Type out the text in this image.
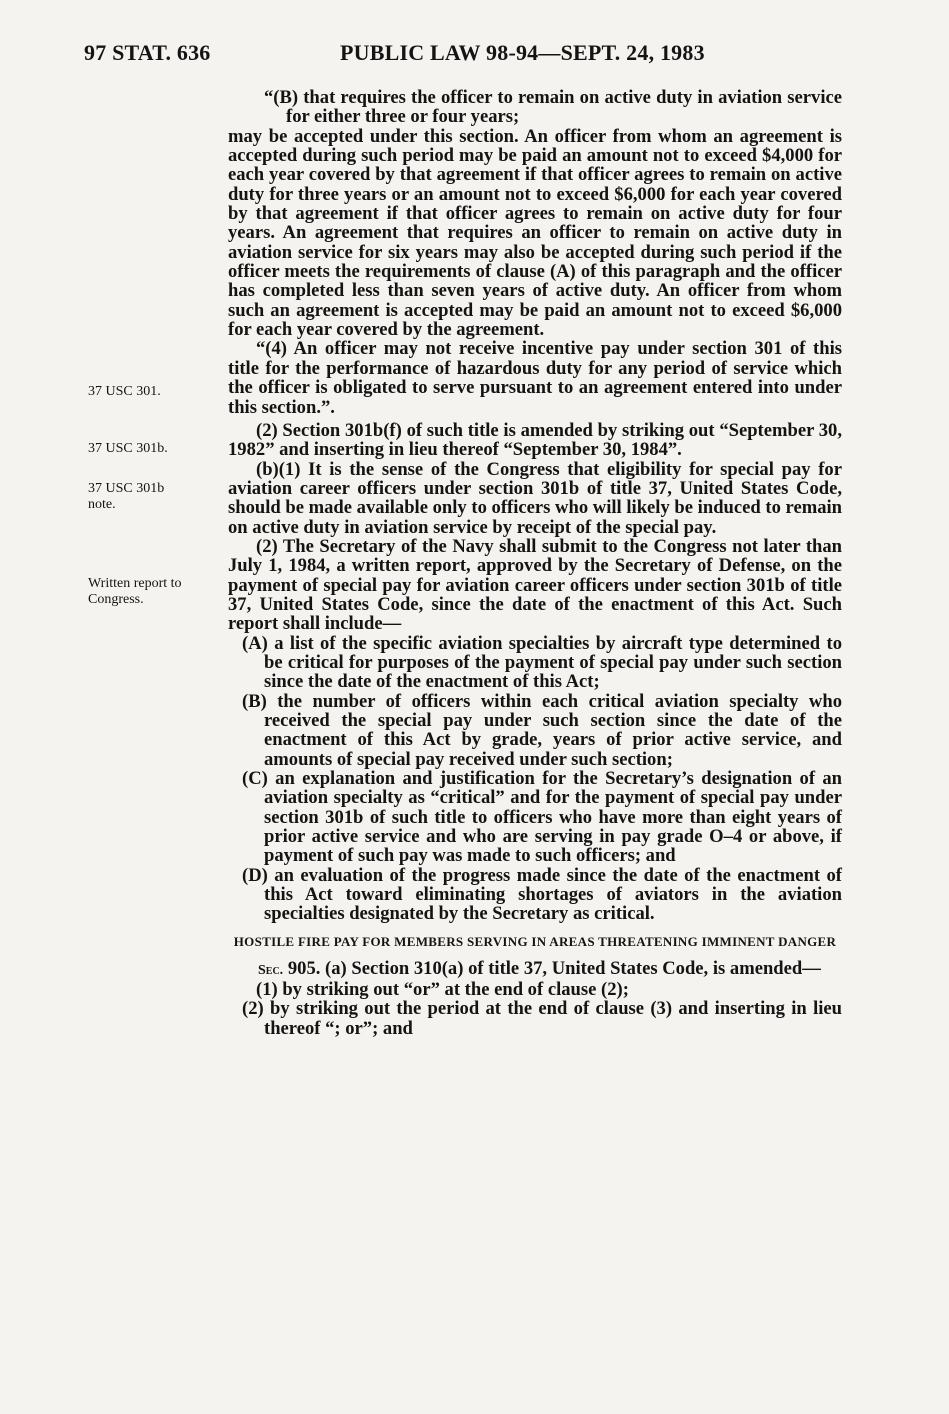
97 STAT. 636	PUBLIC LAW 98-94—SEPT. 24, 1983
37 USC 301.
37 USC 301b.
37 USC 301b note.
Written report to Congress.

“(B) that requires the officer to remain on active duty in aviation service for either three or four years;

may be accepted under this section. An officer from whom an agreement is accepted during such period may be paid an amount not to exceed $4,000 for each year covered by that agreement if that officer agrees to remain on active duty for three years or an amount not to exceed $6,000 for each year covered by that agreement if that officer agrees to remain on active duty for four years. An agreement that requires an officer to remain on active duty in aviation service for six years may also be accepted during such period if the officer meets the requirements of clause (A) of this paragraph and the officer has completed less than seven years of active duty. An officer from whom such an agreement is accepted may be paid an amount not to exceed $6,000 for each year covered by the agreement.

“(4) An officer may not receive incentive pay under section 301 of this title for the performance of hazardous duty for any period of service which the officer is obligated to serve pursuant to an agreement entered into under this section.”.

(2) Section 301b(f) of such title is amended by striking out “September 30, 1982” and inserting in lieu thereof “September 30, 1984”.

(b)(1) It is the sense of the Congress that eligibility for special pay for aviation career officers under section 301b of title 37, United States Code, should be made available only to officers who will likely be induced to remain on active duty in aviation service by receipt of the special pay.

(2) The Secretary of the Navy shall submit to the Congress not later than July 1, 1984, a written report, approved by the Secretary of Defense, on the payment of special pay for aviation career officers under section 301b of title 37, United States Code, since the date of the enactment of this Act. Such report shall include—

(A) a list of the specific aviation specialties by aircraft type determined to be critical for purposes of the payment of special pay under such section since the date of the enactment of this Act;

(B) the number of officers within each critical aviation specialty who received the special pay under such section since the date of the enactment of this Act by grade, years of prior active service, and amounts of special pay received under such section;

(C) an explanation and justification for the Secretary’s designation of an aviation specialty as “critical” and for the payment of special pay under section 301b of such title to officers who have more than eight years of prior active service and who are serving in pay grade O–4 or above, if payment of such pay was made to such officers; and

(D) an evaluation of the progress made since the date of the enactment of this Act toward eliminating shortages of aviators in the aviation specialties designated by the Secretary as critical.

HOSTILE FIRE PAY FOR MEMBERS SERVING IN AREAS THREATENING IMMINENT DANGER

Sec. 905. (a) Section 310(a) of title 37, United States Code, is amended—

(1) by striking out “or” at the end of clause (2);

(2) by striking out the period at the end of clause (3) and inserting in lieu thereof “; or”; and
